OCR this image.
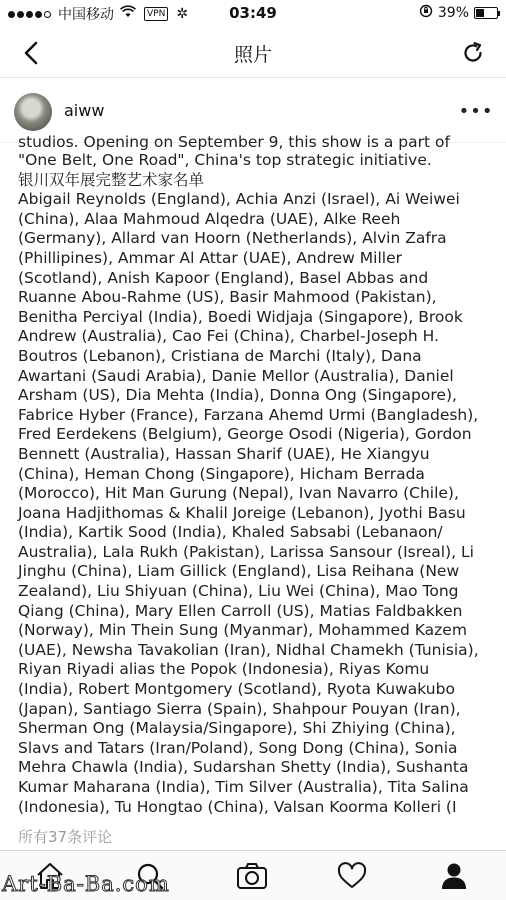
中国移动	VPN ✲	03:49	39%
照片
aiww	•••
studios. Opening on September 9, this show is a part of
"One Belt, One Road", China's top strategic initiative.
银川双年展完整艺术家名单
Abigail Reynolds (England), Achia Anzi (Israel), Ai Weiwei
(China), Alaa Mahmoud Alqedra (UAE), Alke Reeh
(Germany), Allard van Hoorn (Netherlands), Alvin Zafra
(Phillipines), Ammar Al Attar (UAE), Andrew Miller
(Scotland), Anish Kapoor (England), Basel Abbas and
Ruanne Abou-Rahme (US), Basir Mahmood (Pakistan),
Benitha Perciyal (India), Boedi Widjaja (Singapore), Brook
Andrew (Australia), Cao Fei (China), Charbel-Joseph H.
Boutros (Lebanon), Cristiana de Marchi (Italy), Dana
Awartani (Saudi Arabia), Danie Mellor (Australia), Daniel
Arsham (US), Dia Mehta (India), Donna Ong (Singapore),
Fabrice Hyber (France), Farzana Ahemd Urmi (Bangladesh),
Fred Eerdekens (Belgium), George Osodi (Nigeria), Gordon
Bennett (Australia), Hassan Sharif (UAE), He Xiangyu
(China), Heman Chong (Singapore), Hicham Berrada
(Morocco), Hit Man Gurung (Nepal), Ivan Navarro (Chile),
Joana Hadjithomas & Khalil Joreige (Lebanon), Jyothi Basu
(India), Kartik Sood (India), Khaled Sabsabi (Lebanaon/
Australia), Lala Rukh (Pakistan), Larissa Sansour (Isreal), Li
Jinghu (China), Liam Gillick (England), Lisa Reihana (New
Zealand), Liu Shiyuan (China), Liu Wei (China), Mao Tong
Qiang (China), Mary Ellen Carroll (US), Matias Faldbakken
(Norway), Min Thein Sung (Myanmar), Mohammed Kazem
(UAE), Newsha Tavakolian (Iran), Nidhal Chamekh (Tunisia),
Riyan Riyadi alias the Popok (Indonesia), Riyas Komu
(India), Robert Montgomery (Scotland), Ryota Kuwakubo
(Japan), Santiago Sierra (Spain), Shahpour Pouyan (Iran),
Sherman Ong (Malaysia/Singapore), Shi Zhiying (China),
Slavs and Tatars (Iran/Poland), Song Dong (China), Sonia
Mehra Chawla (India), Sudarshan Shetty (India), Sushanta
Kumar Maharana (India), Tim Silver (Australia), Tita Salina
(Indonesia), Tu Hongtao (China), Valsan Koorma Kolleri (I
所有37条评论
Art-Ba-Ba.com
